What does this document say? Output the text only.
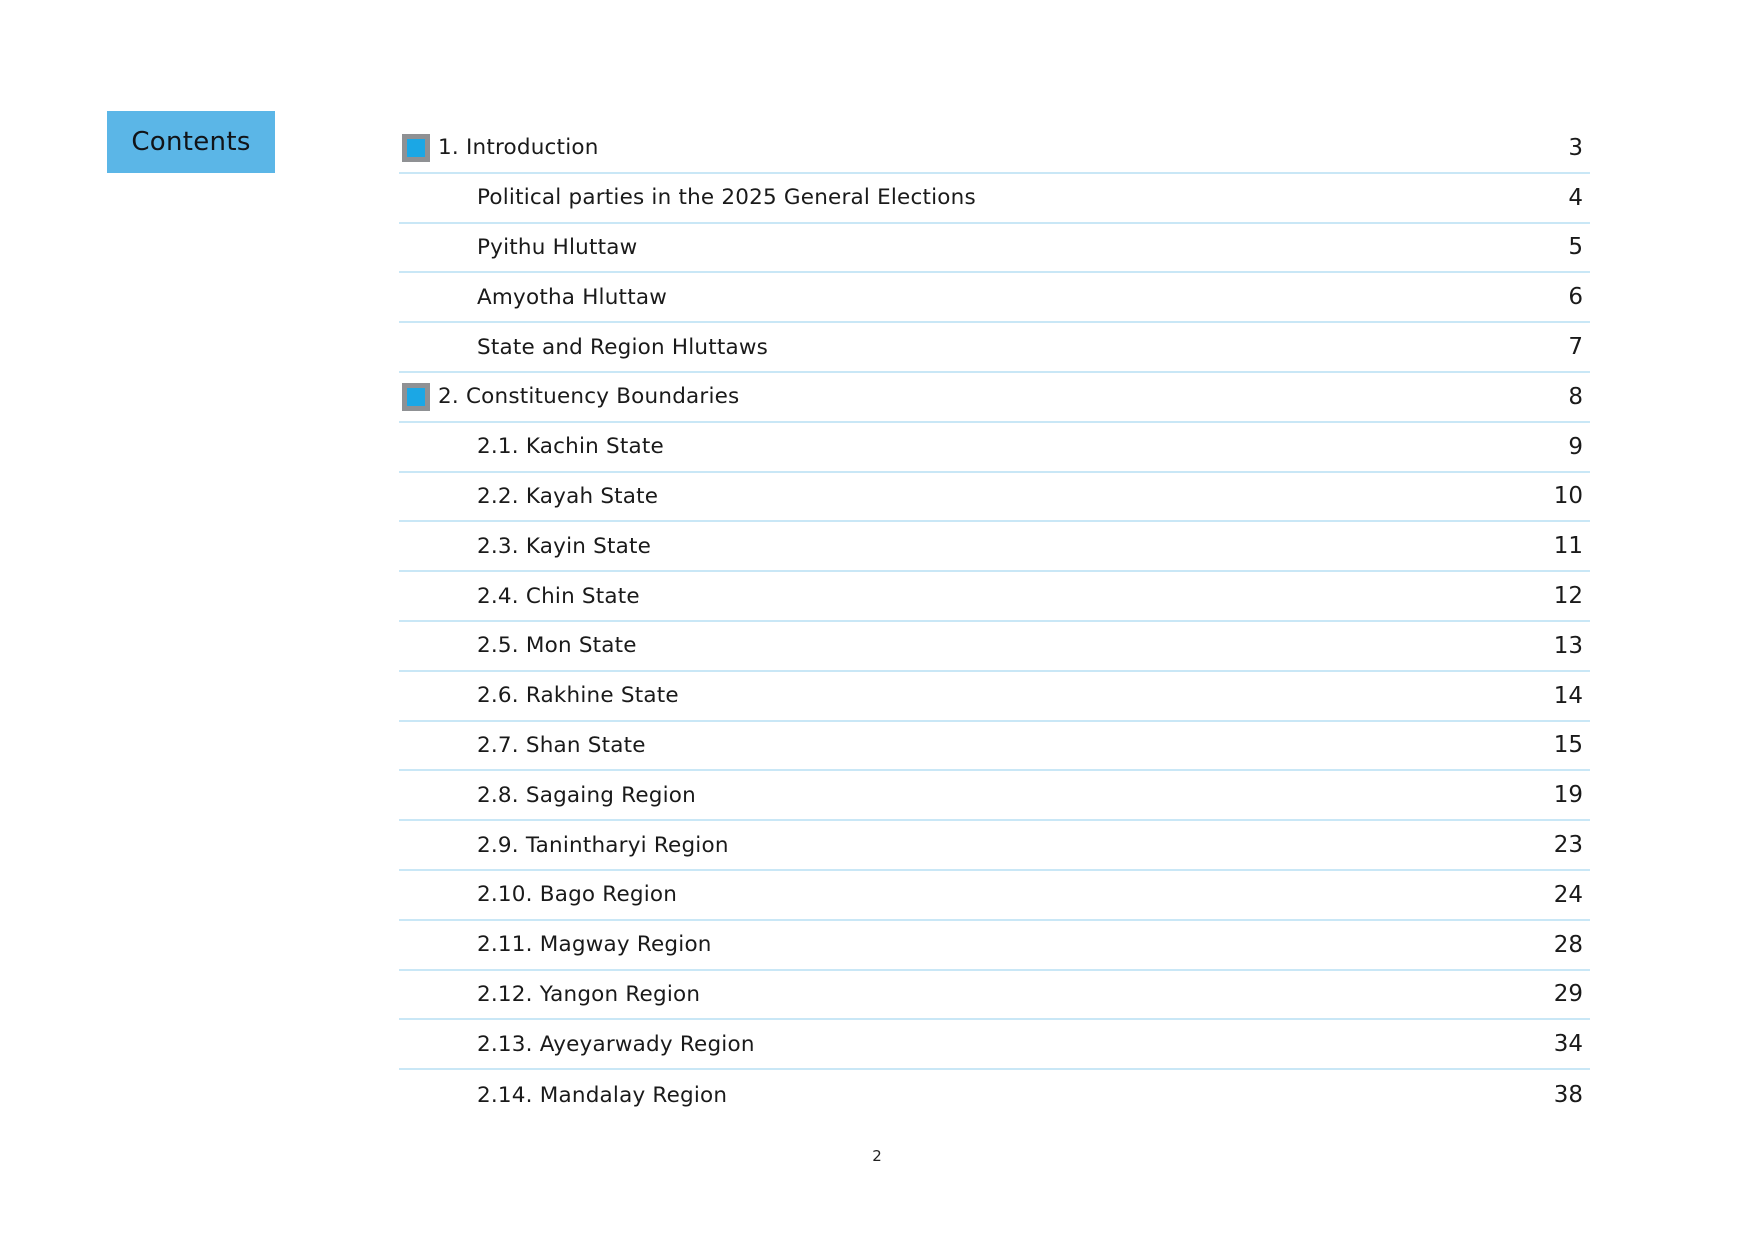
Contents	1. Introduction	3
Political parties in the 2025 General Elections	4
Pyithu Hluttaw	5
Amyotha Hluttaw	6
State and Region Hluttaws	7
2. Constituency Boundaries	8
2.1. Kachin State	9
2.2. Kayah State	10
2.3. Kayin State	11
2.4. Chin State	12
2.5. Mon State	13
2.6. Rakhine State	14
2.7. Shan State	15
2.8. Sagaing Region	19
2.9. Tanintharyi Region	23
2.10. Bago Region	24
2.11. Magway Region	28
2.12. Yangon Region	29
2.13. Ayeyarwady Region	34
2.14. Mandalay Region	38
2
